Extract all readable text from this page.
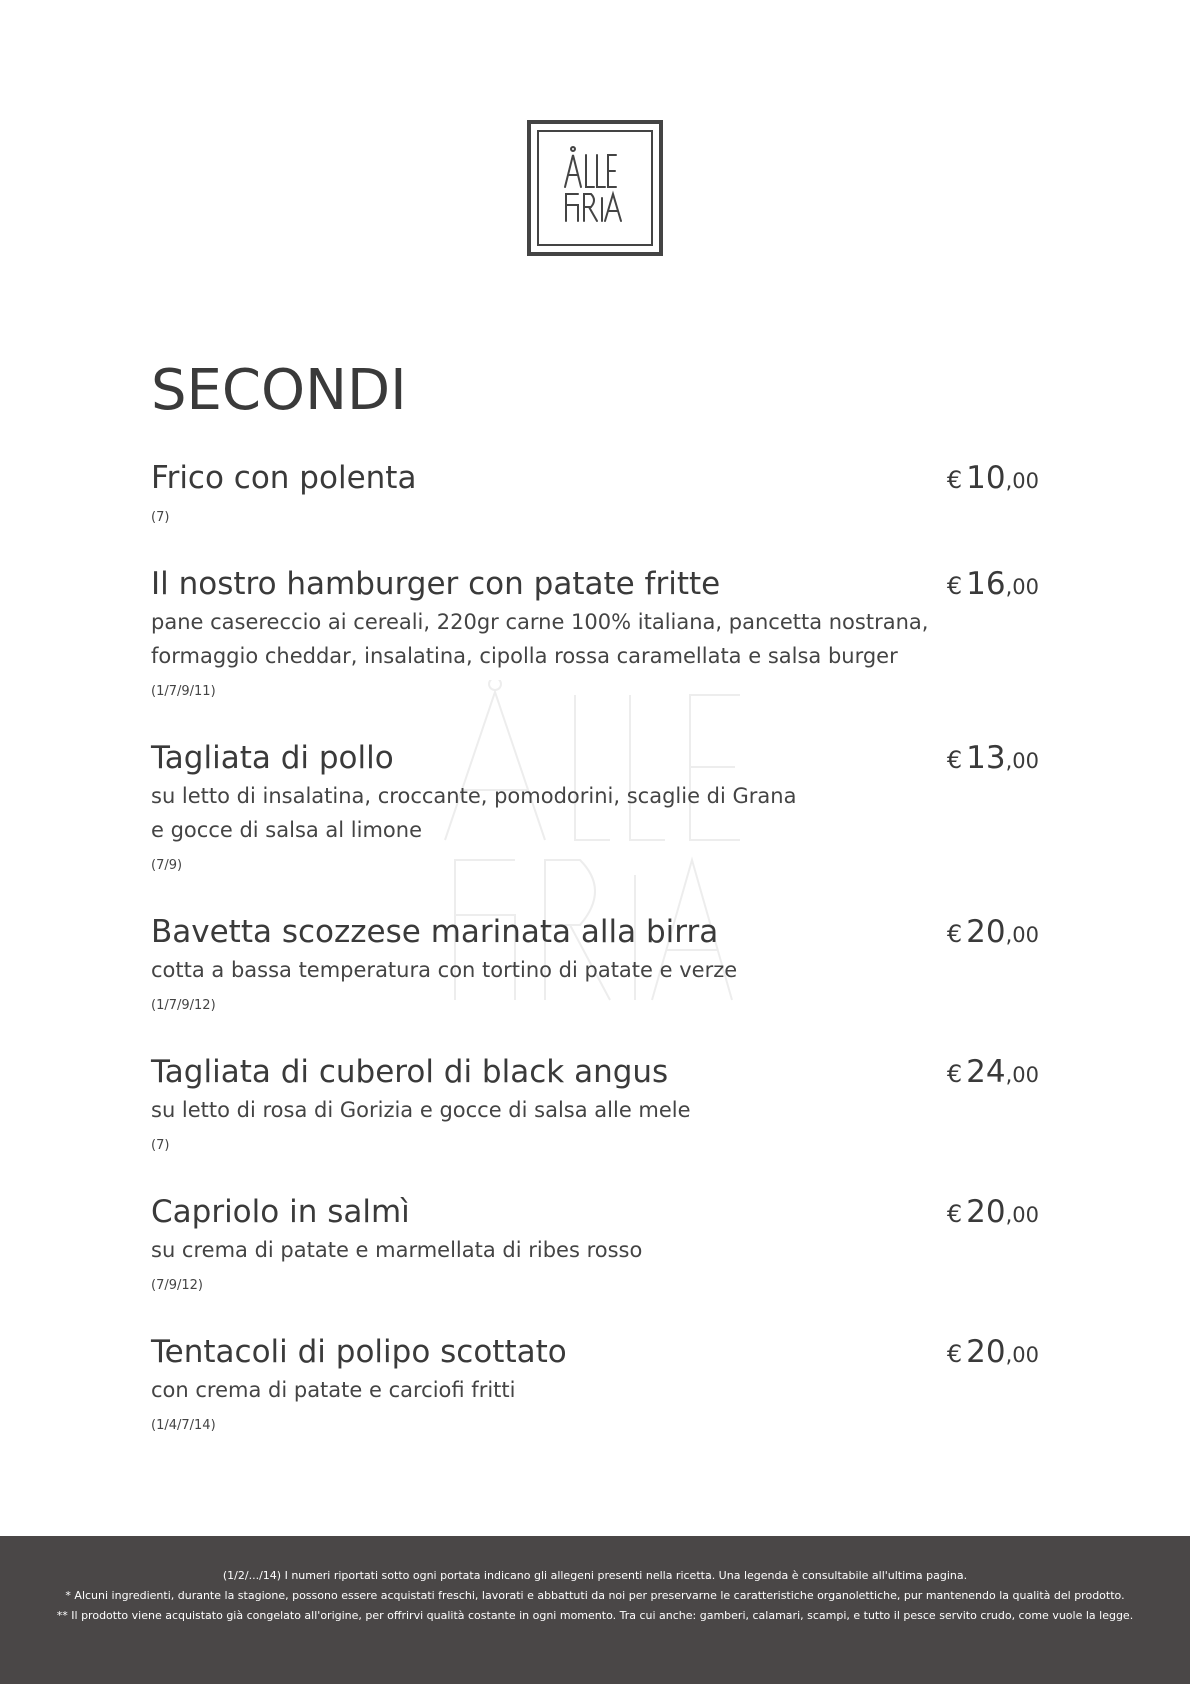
SECONDI
Frico con polenta	€ 10,00
(7)
Il nostro hamburger con patate fritte	€ 16,00
pane casereccio ai cereali, 220gr carne 100% italiana, pancetta nostrana,
formaggio cheddar, insalatina, cipolla rossa caramellata e salsa burger
(1/7/9/11)
Tagliata di pollo	€ 13,00
su letto di insalatina, croccante, pomodorini, scaglie di Grana
e gocce di salsa al limone
(7/9)
Bavetta scozzese marinata alla birra	€ 20,00
cotta a bassa temperatura con tortino di patate e verze
(1/7/9/12)
Tagliata di cuberol di black angus	€ 24,00
su letto di rosa di Gorizia e gocce di salsa alle mele
(7)
Capriolo in salmì	€ 20,00
su crema di patate e marmellata di ribes rosso
(7/9/12)
Tentacoli di polipo scottato	€ 20,00
con crema di patate e carciofi fritti
(1/4/7/14)
(1/2/.../14) I numeri riportati sotto ogni portata indicano gli allegeni presenti nella ricetta. Una legenda è consultabile all'ultima pagina.
* Alcuni ingredienti, durante la stagione, possono essere acquistati freschi, lavorati e abbattuti da noi per preservarne le caratteristiche organolettiche, pur mantenendo la qualità del prodotto.
** Il prodotto viene acquistato già congelato all'origine, per offrirvi qualità costante in ogni momento. Tra cui anche: gamberi, calamari, scampi, e tutto il pesce servito crudo, come vuole la legge.
